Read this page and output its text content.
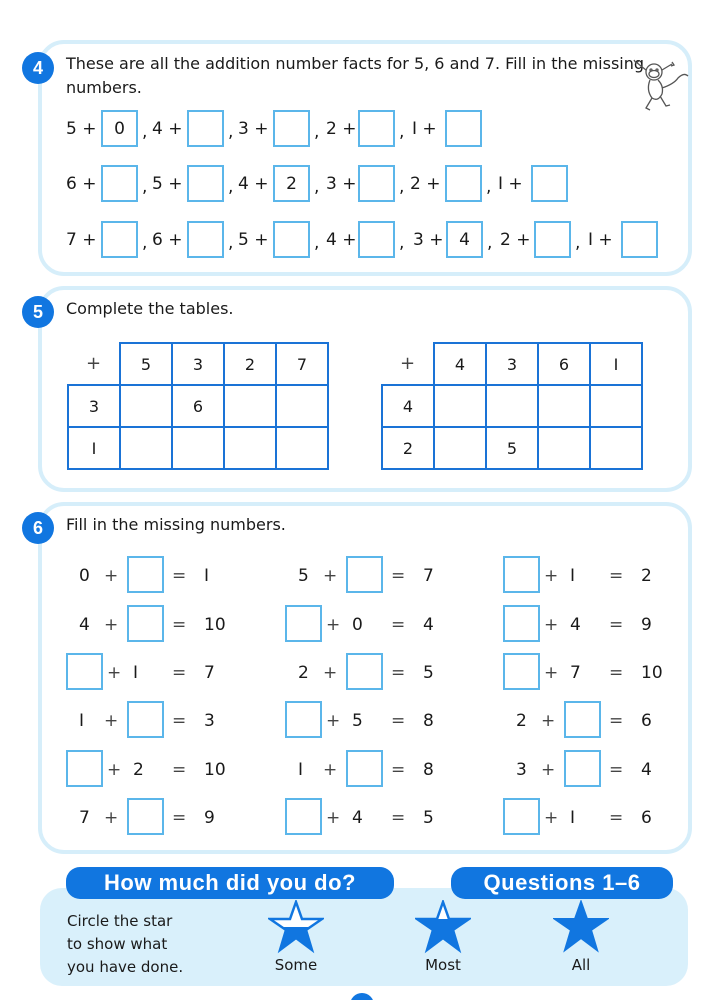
4	These are all the addition number facts for 5, 6 and 7. Fill in the missing
numbers.
5 +	0	, 4 +	, 3 +	, 2 +	, I +
6 +	, 5 +	, 4 +	2	, 3 +	, 2 +	, I +
7 +	, 6 +	, 5 +	, 4 +	, 3 + 4	, 2 +	, I +
5	Complete the tables.
+	5	3	2	7
3		6		
I				
+	4	3	6	I
4				
2		5		
6	Fill in the missing numbers.
0 +	= I
4 +	= 10
+ I = 7
I +	= 3
+ 2 = 10
7 +	= 9
5 +	= 7
+ 0 = 4
2 +	= 5
+ 5 = 8
I +	= 8
+ 4 = 5
+ I = 2
+ 4 = 9
+ 7 = 10
2 +	= 6
3 +	= 4
+ I = 6
How much did you do?	Questions 1–6
Circle the star
to show what
you have done.	Some	Most	All
